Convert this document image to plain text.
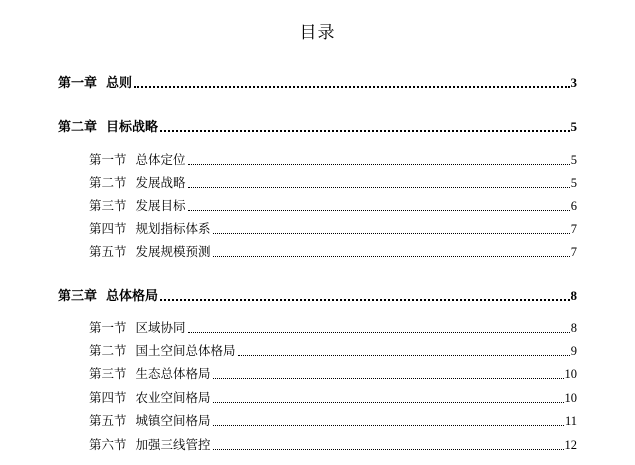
目录
第一章 总则	3
第二章 目标战略	5
第一节 总体定位	5
第二节 发展战略	5
第三节 发展目标	6
第四节 规划指标体系	7
第五节 发展规模预测	7
第三章 总体格局	8
第一节 区域协同	8
第二节 国土空间总体格局	9
第三节 生态总体格局	10
第四节 农业空间格局	10
第五节 城镇空间格局	11
第六节 加强三线管控	12
